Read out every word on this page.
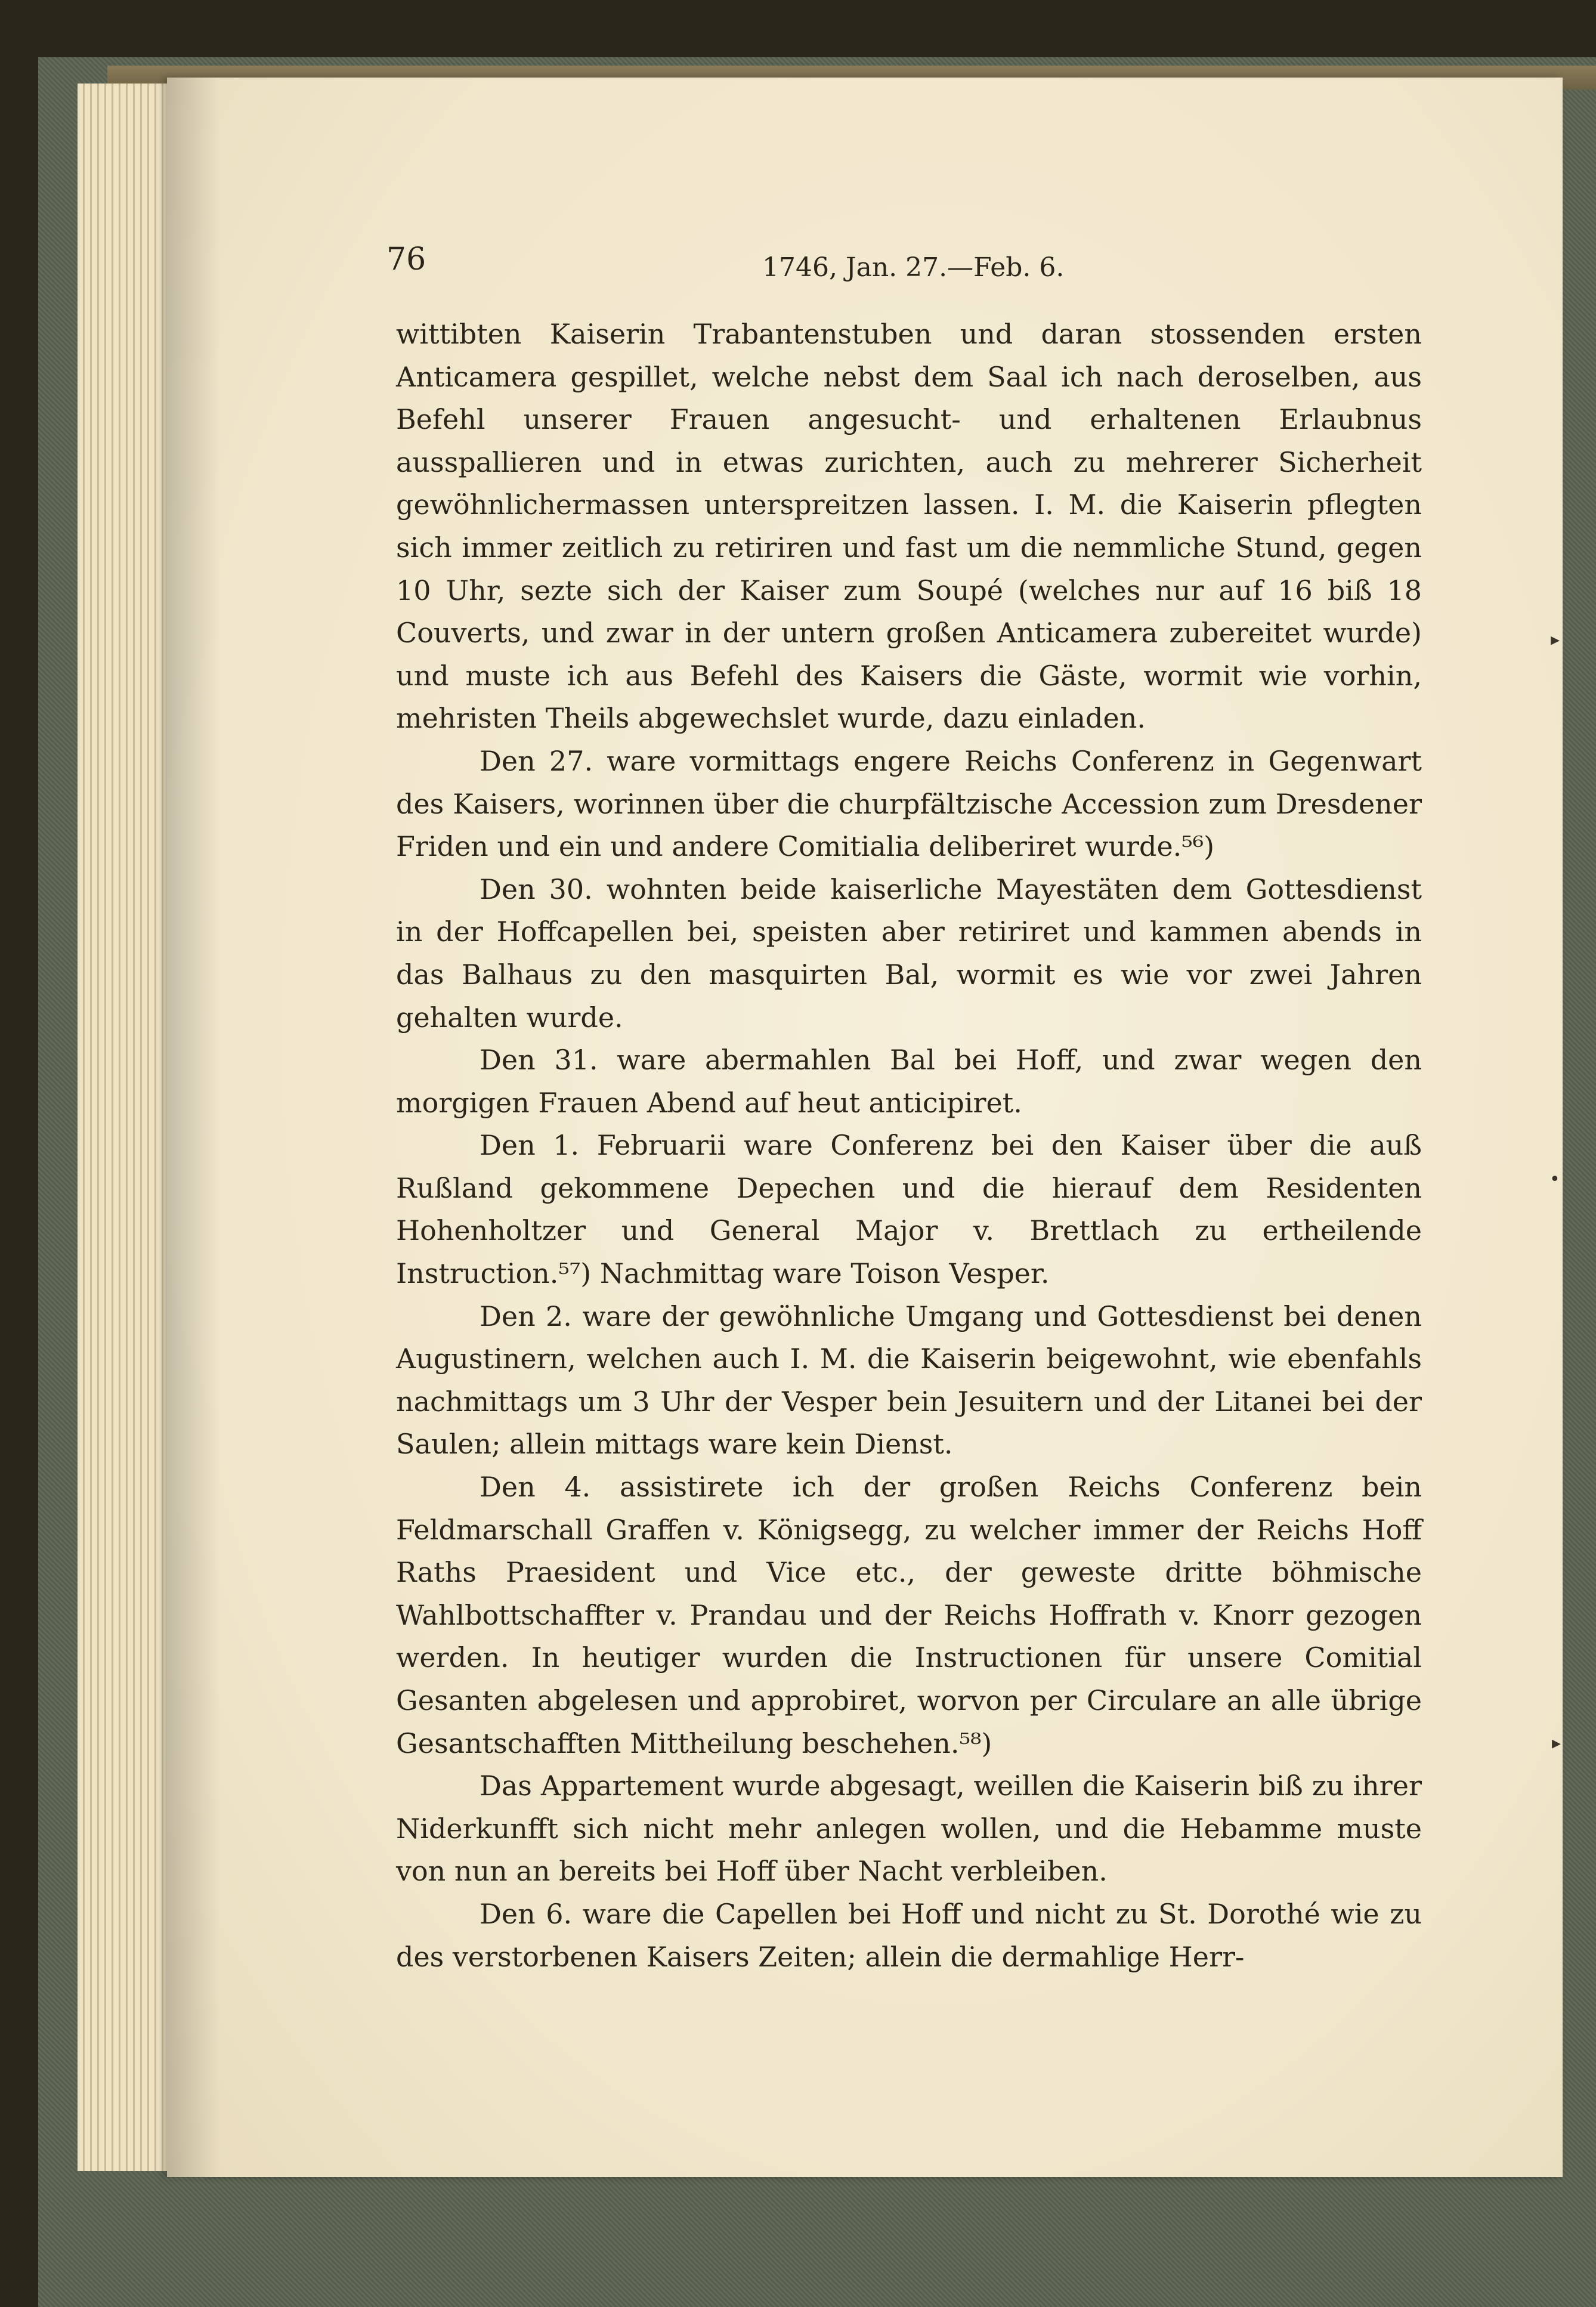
76	1746, Jan. 27.—Feb. 6.

wittibten Kaiserin Trabantenstuben und daran stossenden ersten Anticamera gespillet, welche nebst dem Saal ich nach deroselben, aus Befehl unserer Frauen angesucht- und erhaltenen Erlaubnus ausspallieren und in etwas zurichten, auch zu mehrerer Sicherheit gewöhnlichermassen unterspreitzen lassen. I. M. die Kaiserin pflegten sich immer zeitlich zu retiriren und fast um die nemmliche Stund, gegen 10 Uhr, sezte sich der Kaiser zum Soupé (welches nur auf 16 biß 18 Couverts, und zwar in der untern großen Anticamera zubereitet wurde) und muste ich aus Befehl des Kaisers die Gäste, wormit wie vorhin, mehristen Theils abgewechslet wurde, dazu einladen.

Den 27. ware vormittags engere Reichs Conferenz in Gegenwart des Kaisers, worinnen über die churpfältzische Accession zum Dresdener Friden und ein und andere Comitialia deliberiret wurde.⁵⁶)

Den 30. wohnten beide kaiserliche Mayestäten dem Gottesdienst in der Hoffcapellen bei, speisten aber retiriret und kammen abends in das Balhaus zu den masquirten Bal, wormit es wie vor zwei Jahren gehalten wurde.

Den 31. ware abermahlen Bal bei Hoff, und zwar wegen den morgigen Frauen Abend auf heut anticipiret.

Den 1. Februarii ware Conferenz bei den Kaiser über die auß Rußland gekommene Depechen und die hierauf dem Residenten Hohenholtzer und General Major v. Brettlach zu ertheilende Instruction.⁵⁷) Nachmittag ware Toison Vesper.

Den 2. ware der gewöhnliche Umgang und Gottesdienst bei denen Augustinern, welchen auch I. M. die Kaiserin beigewohnt, wie ebenfahls nachmittags um 3 Uhr der Vesper bein Jesuitern und der Litanei bei der Saulen; allein mittags ware kein Dienst.

Den 4. assistirete ich der großen Reichs Conferenz bein Feldmarschall Graffen v. Königsegg, zu welcher immer der Reichs Hoff Raths Praesident und Vice etc., der geweste dritte böhmische Wahlbottschaffter v. Prandau und der Reichs Hoffrath v. Knorr gezogen werden. In heutiger wurden die Instructionen für unsere Comitial Gesanten abgelesen und approbiret, worvon per Circulare an alle übrige Gesantschafften Mittheilung beschehen.⁵⁸)

Das Appartement wurde abgesagt, weillen die Kaiserin biß zu ihrer Niderkunfft sich nicht mehr anlegen wollen, und die Hebamme muste von nun an bereits bei Hoff über Nacht verbleiben.

Den 6. ware die Capellen bei Hoff und nicht zu St. Dorothé wie zu des verstorbenen Kaisers Zeiten; allein die dermahlige Herr-

▸
•
▸
